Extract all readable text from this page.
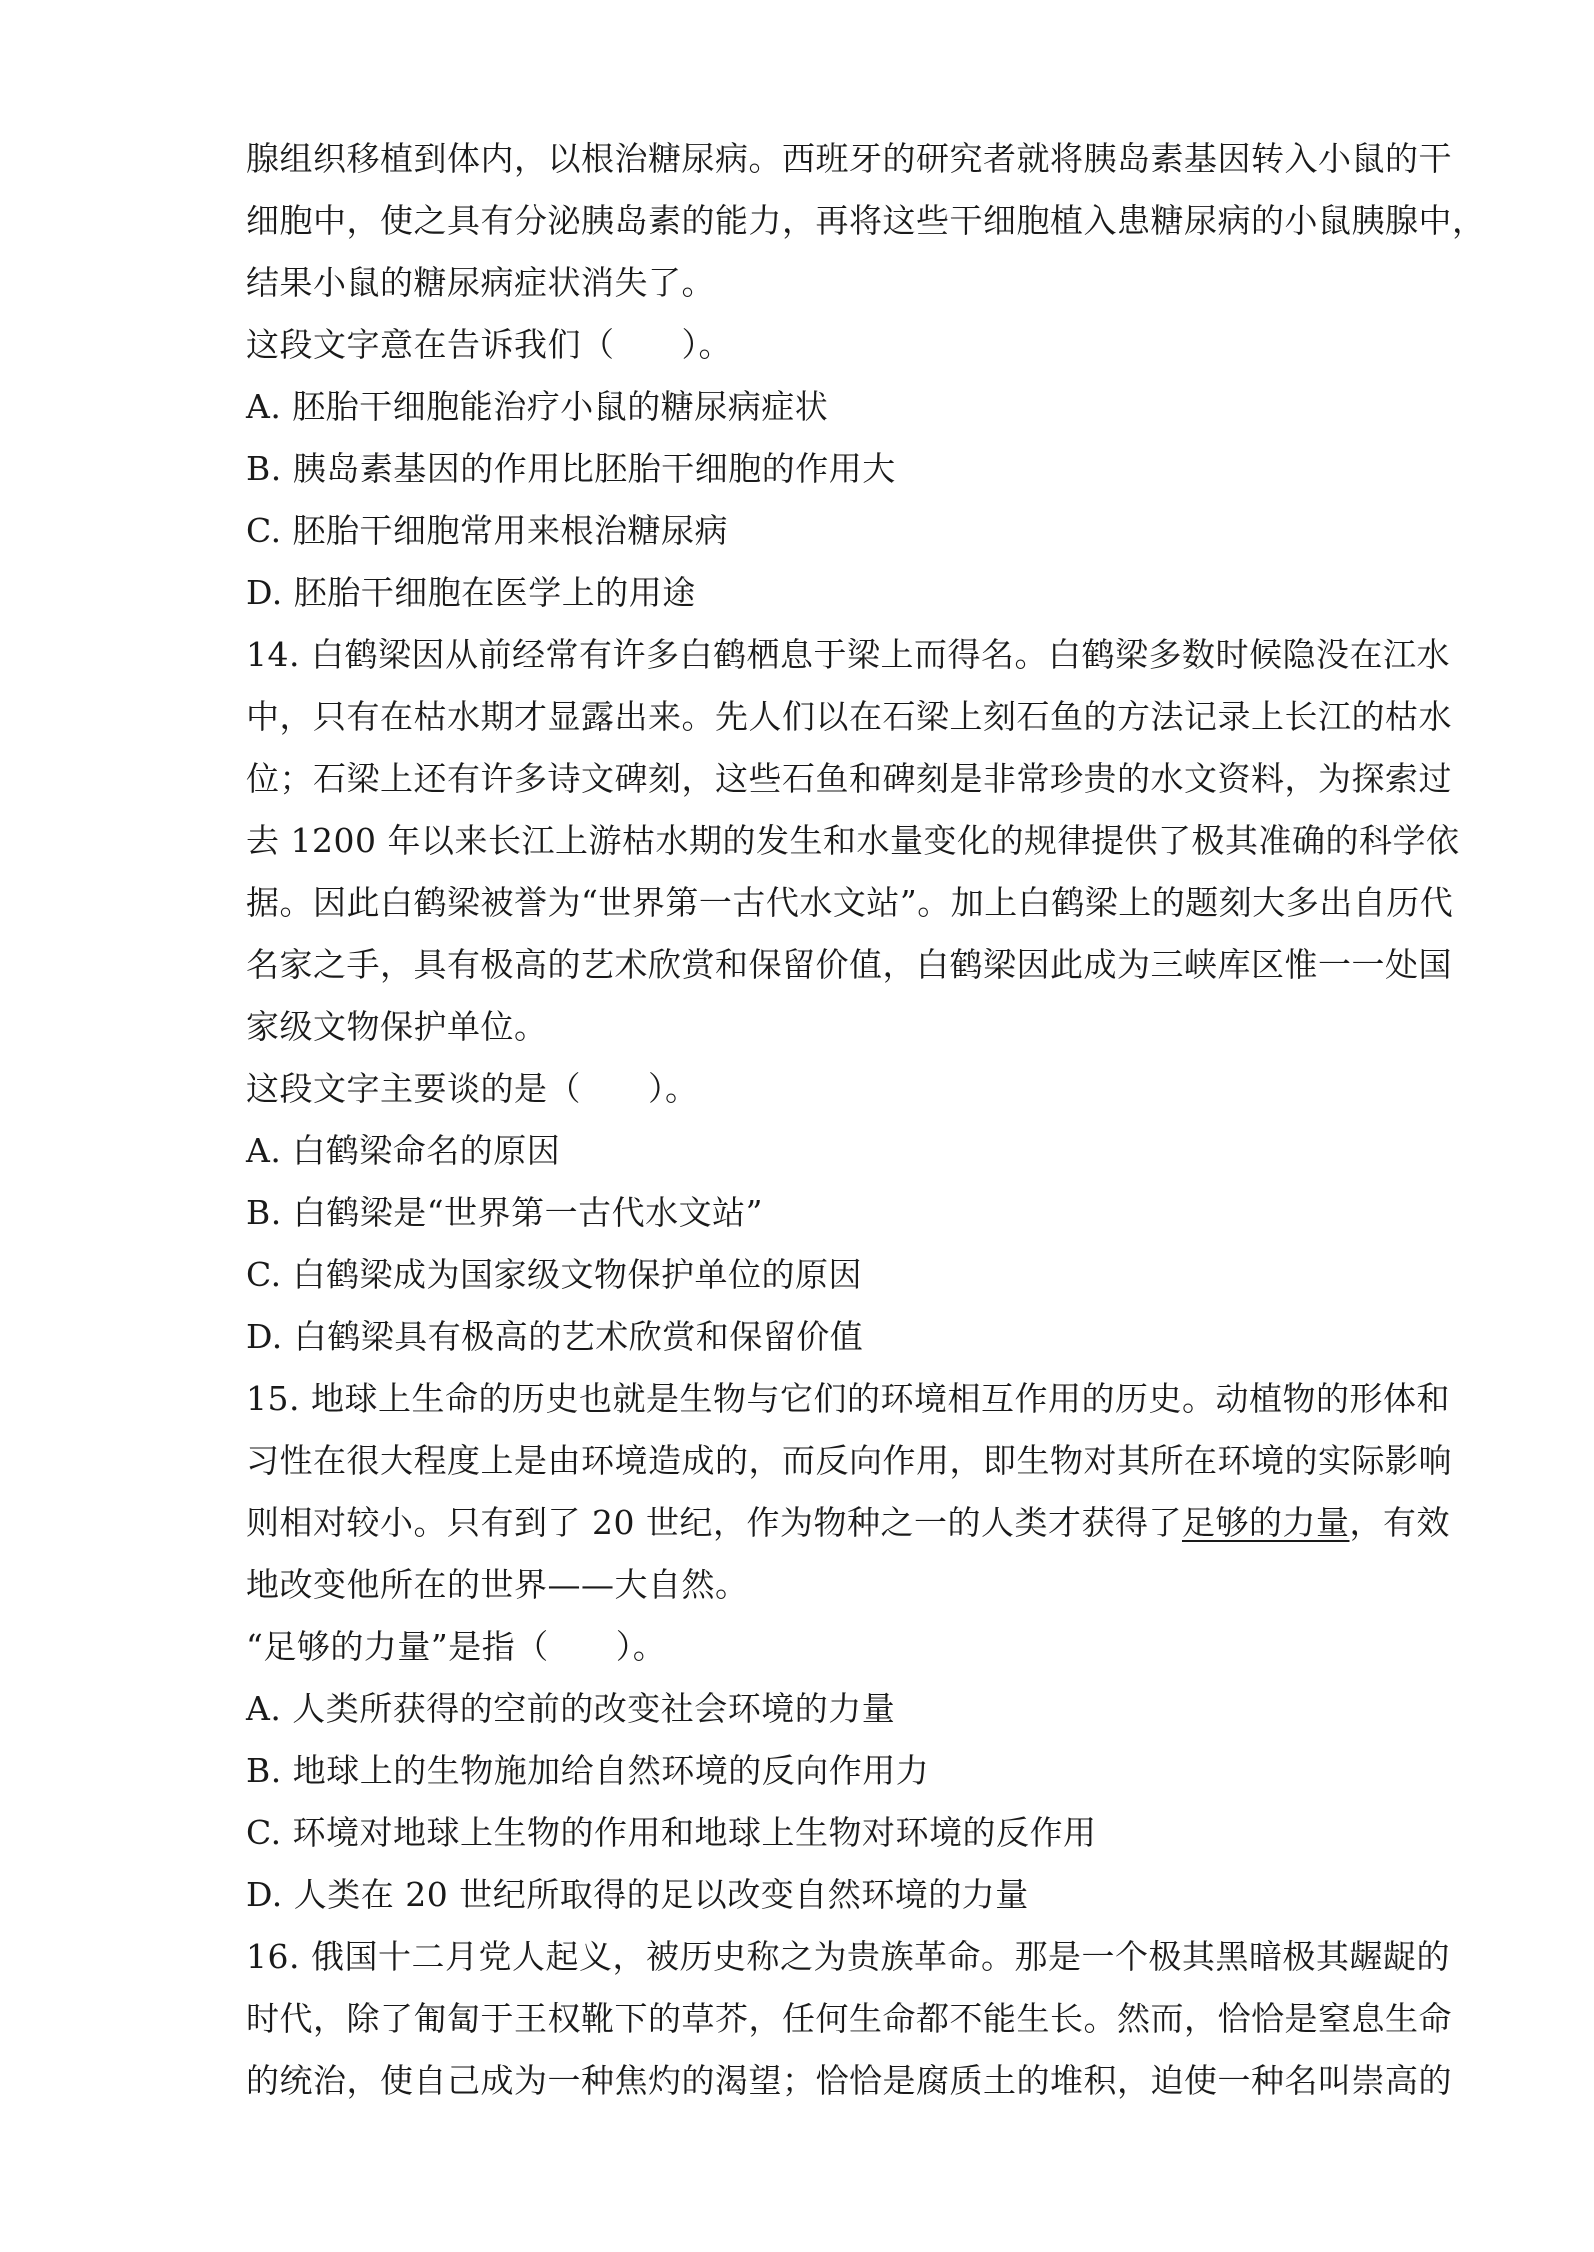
腺组织移植到体内，以根治糖尿病。西班牙的研究者就将胰岛素基因转入小鼠的干
细胞中，使之具有分泌胰岛素的能力，再将这些干细胞植入患糖尿病的小鼠胰腺中，
结果小鼠的糖尿病症状消失了。
这段文字意在告诉我们（　　）。
A. 胚胎干细胞能治疗小鼠的糖尿病症状
B. 胰岛素基因的作用比胚胎干细胞的作用大
C. 胚胎干细胞常用来根治糖尿病
D. 胚胎干细胞在医学上的用途
14. 白鹤梁因从前经常有许多白鹤栖息于梁上而得名。白鹤梁多数时候隐没在江水
中，只有在枯水期才显露出来。先人们以在石梁上刻石鱼的方法记录上长江的枯水
位；石梁上还有许多诗文碑刻，这些石鱼和碑刻是非常珍贵的水文资料，为探索过
去 1200 年以来长江上游枯水期的发生和水量变化的规律提供了极其准确的科学依
据。因此白鹤梁被誉为“世界第一古代水文站”。加上白鹤梁上的题刻大多出自历代
名家之手，具有极高的艺术欣赏和保留价值，白鹤梁因此成为三峡库区惟一一处国
家级文物保护单位。
这段文字主要谈的是（　　）。
A. 白鹤梁命名的原因
B. 白鹤梁是“世界第一古代水文站”
C. 白鹤梁成为国家级文物保护单位的原因
D. 白鹤梁具有极高的艺术欣赏和保留价值
15. 地球上生命的历史也就是生物与它们的环境相互作用的历史。动植物的形体和
习性在很大程度上是由环境造成的，而反向作用，即生物对其所在环境的实际影响
则相对较小。只有到了 20 世纪，作为物种之一的人类才获得了足够的力量，有效
地改变他所在的世界——大自然。
“足够的力量”是指（　　）。
A. 人类所获得的空前的改变社会环境的力量
B. 地球上的生物施加给自然环境的反向作用力
C. 环境对地球上生物的作用和地球上生物对环境的反作用
D. 人类在 20 世纪所取得的足以改变自然环境的力量
16. 俄国十二月党人起义，被历史称之为贵族革命。那是一个极其黑暗极其龌龊的
时代，除了匍匐于王权靴下的草芥，任何生命都不能生长。然而，恰恰是窒息生命
的统治，使自己成为一种焦灼的渴望；恰恰是腐质土的堆积，迫使一种名叫崇高的
